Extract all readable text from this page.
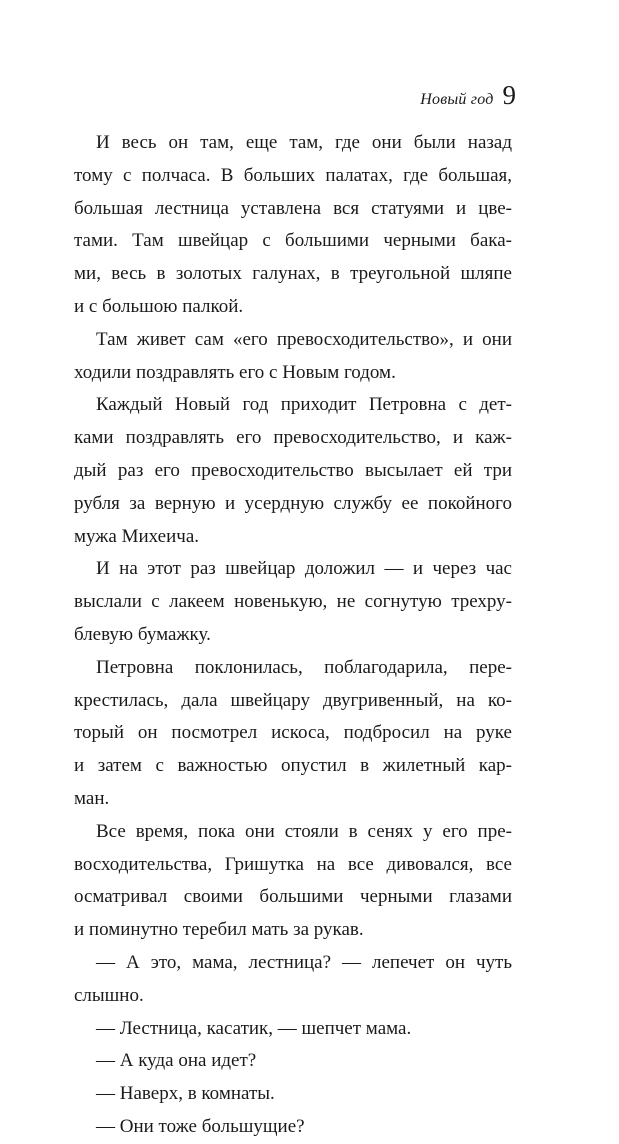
Новый год 9
И весь он там, еще там, где они были назад
тому с полчаса. В больших палатах, где большая,
большая лестница уставлена вся статуями и цве-
тами. Там швейцар с большими черными бака-
ми, весь в золотых галунах, в треугольной шляпе
и с большою палкой.
Там живет сам «его превосходительство», и они
ходили поздравлять его с Новым годом.
Каждый Новый год приходит Петровна с дет-
ками поздравлять его превосходительство, и каж-
дый раз его превосходительство высылает ей три
рубля за верную и усердную службу ее покойного
мужа Михеича.
И на этот раз швейцар доложил — и через час
выслали с лакеем новенькую, не согнутую трехру-
блевую бумажку.
Петровна поклонилась, поблагодарила, пере-
крестилась, дала швейцару двугривенный, на ко-
торый он посмотрел искоса, подбросил на руке
и затем с важностью опустил в жилетный кар-
ман.
Все время, пока они стояли в сенях у его пре-
восходительства, Гришутка на все дивовался, все
осматривал своими большими черными глазами
и поминутно теребил мать за рукав.
— А это, мама, лестница? — лепечет он чуть
слышно.
— Лестница, касатик, — шепчет мама.
— А куда она идет?
— Наверх, в комнаты.
— Они тоже большущие?
